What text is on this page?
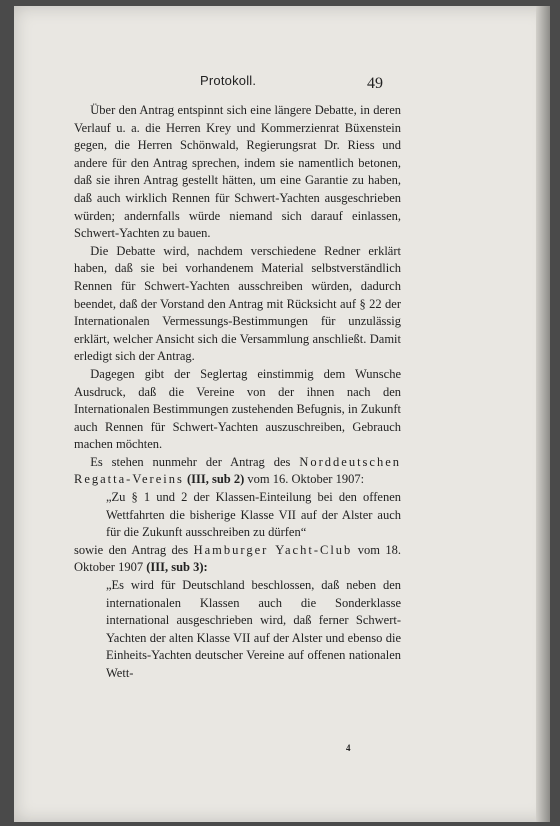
Protokoll.	49

Über den Antrag entspinnt sich eine längere Debatte, in deren Verlauf u. a. die Herren Krey und Kommerzienrat Büxenstein gegen, die Herren Schönwald, Regierungsrat Dr. Riess und andere für den Antrag sprechen, indem sie namentlich betonen, daß sie ihren Antrag gestellt hätten, um eine Garantie zu haben, daß auch wirklich Rennen für Schwert-Yachten ausgeschrieben würden; andernfalls würde niemand sich darauf einlassen, Schwert-Yachten zu bauen.

Die Debatte wird, nachdem verschiedene Redner erklärt haben, daß sie bei vorhandenem Material selbstverständlich Rennen für Schwert-Yachten ausschreiben würden, dadurch beendet, daß der Vorstand den Antrag mit Rücksicht auf § 22 der Internationalen Vermessungs-Bestimmungen für unzulässig erklärt, welcher Ansicht sich die Versammlung anschließt. Damit erledigt sich der Antrag.

Dagegen gibt der Seglertag einstimmig dem Wunsche Ausdruck, daß die Vereine von der ihnen nach den Internationalen Bestimmungen zustehenden Befugnis, in Zukunft auch Rennen für Schwert-Yachten auszuschreiben, Gebrauch machen möchten.

Es stehen nunmehr der Antrag des Norddeutschen Regatta-Vereins (III, sub 2) vom 16. Oktober 1907:

„Zu § 1 und 2 der Klassen-Einteilung bei den offenen Wettfahrten die bisherige Klasse VII auf der Alster auch für die Zukunft ausschreiben zu dürfen“

sowie den Antrag des Hamburger Yacht-Club vom 18. Oktober 1907 (III, sub 3):

„Es wird für Deutschland beschlossen, daß neben den internationalen Klassen auch die Sonderklasse international ausgeschrieben wird, daß ferner Schwert-Yachten der alten Klasse VII auf der Alster und ebenso die Einheits-Yachten deutscher Vereine auf offenen nationalen Wett-

4
